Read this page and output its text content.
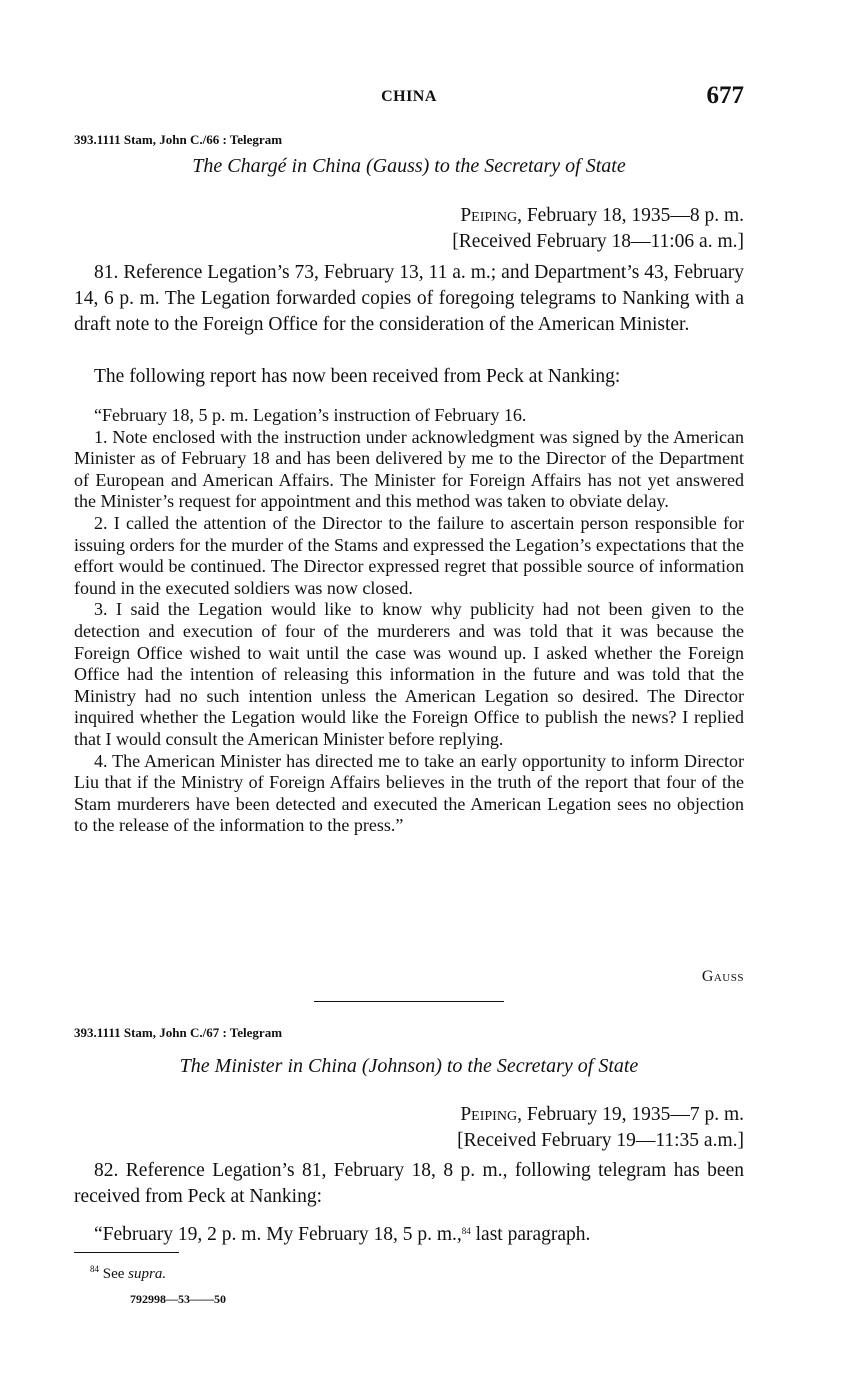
CHINA	677
393.1111 Stam, John C./66 : Telegram
The Chargé in China (Gauss) to the Secretary of State
Peiping, February 18, 1935—8 p. m.
[Received February 18—11:06 a. m.]
81. Reference Legation’s 73, February 13, 11 a. m.; and Department’s 43, February 14, 6 p. m. The Legation forwarded copies of foregoing telegrams to Nanking with a draft note to the Foreign Office for the consideration of the American Minister.
The following report has now been received from Peck at Nanking:

“February 18, 5 p. m. Legation’s instruction of February 16.

1. Note enclosed with the instruction under acknowledgment was signed by the American Minister as of February 18 and has been delivered by me to the Director of the Department of European and American Affairs. The Minister for Foreign Affairs has not yet answered the Minister’s request for appointment and this method was taken to obviate delay.

2. I called the attention of the Director to the failure to ascertain person responsible for issuing orders for the murder of the Stams and expressed the Legation’s expectations that the effort would be continued. The Director expressed regret that possible source of information found in the executed soldiers was now closed.

3. I said the Legation would like to know why publicity had not been given to the detection and execution of four of the murderers and was told that it was because the Foreign Office wished to wait until the case was wound up. I asked whether the Foreign Office had the intention of releasing this information in the future and was told that the Ministry had no such intention unless the American Legation so desired. The Director inquired whether the Legation would like the Foreign Office to publish the news? I replied that I would consult the American Minister before replying.

4. The American Minister has directed me to take an early opportunity to inform Director Liu that if the Ministry of Foreign Affairs believes in the truth of the report that four of the Stam murderers have been detected and executed the American Legation sees no objection to the release of the information to the press.”

Gauss
393.1111 Stam, John C./67 : Telegram
The Minister in China (Johnson) to the Secretary of State
Peiping, February 19, 1935—7 p. m.
[Received February 19—11:35 a.m.]
82. Reference Legation’s 81, February 18, 8 p. m., following telegram has been received from Peck at Nanking:
“February 19, 2 p. m. My February 18, 5 p. m.,$^{84}$ last paragraph.
$^{84}$ See supra.
792998—53——50
